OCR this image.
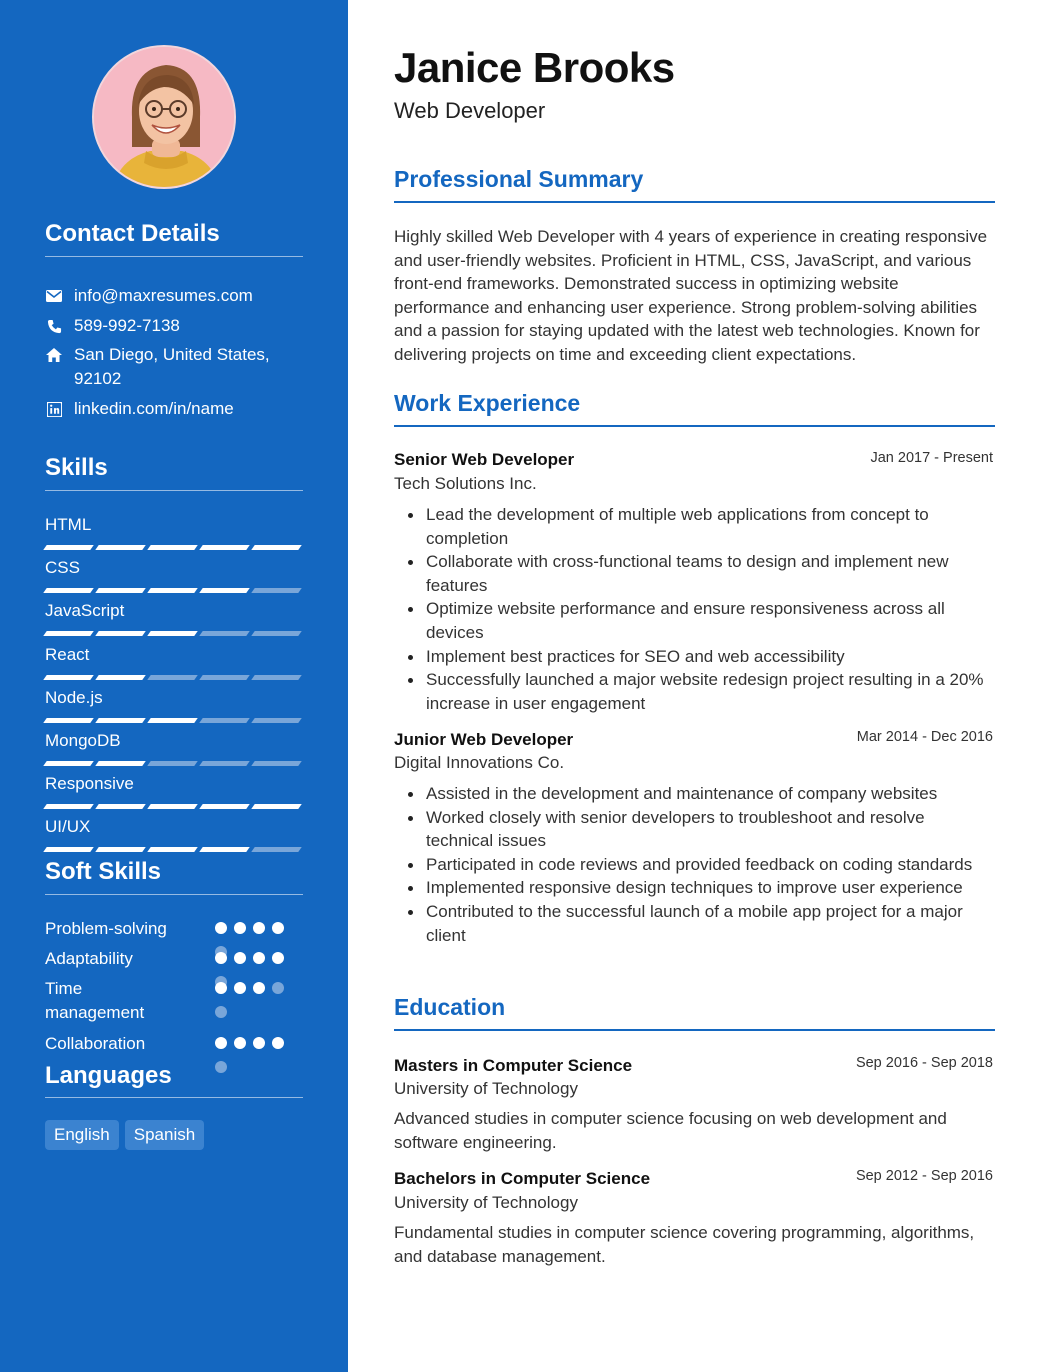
Contact Details
info@maxresumes.com
589-992-7138
San Diego, United States, 92102
linkedin.com/in/name
Skills
HTML
CSS
JavaScript
React
Node.js
MongoDB
Responsive
UI/UX
Soft Skills
Problem-solving
Adaptability
Time management
Collaboration
Languages
English	Spanish
Janice Brooks
Web Developer
Professional Summary

Highly skilled Web Developer with 4 years of experience in creating responsive and user-friendly websites. Proficient in HTML, CSS, JavaScript, and various front-end frameworks. Demonstrated success in optimizing website performance and enhancing user experience. Strong problem-solving abilities and a passion for staying updated with the latest web technologies. Known for delivering projects on time and exceeding client expectations.

Work Experience
Senior Web Developer	Jan 2017 - Present
Tech Solutions Inc.
Lead the development of multiple web applications from concept to completion
Collaborate with cross-functional teams to design and implement new features
Optimize website performance and ensure responsiveness across all devices
Implement best practices for SEO and web accessibility
Successfully launched a major website redesign project resulting in a 20% increase in user engagement
Junior Web Developer	Mar 2014 - Dec 2016
Digital Innovations Co.
Assisted in the development and maintenance of company websites
Worked closely with senior developers to troubleshoot and resolve technical issues
Participated in code reviews and provided feedback on coding standards
Implemented responsive design techniques to improve user experience
Contributed to the successful launch of a mobile app project for a major client
Education
Masters in Computer Science	Sep 2016 - Sep 2018
University of Technology

Advanced studies in computer science focusing on web development and software engineering.

Bachelors in Computer Science	Sep 2012 - Sep 2016
University of Technology

Fundamental studies in computer science covering programming, algorithms, and database management.
